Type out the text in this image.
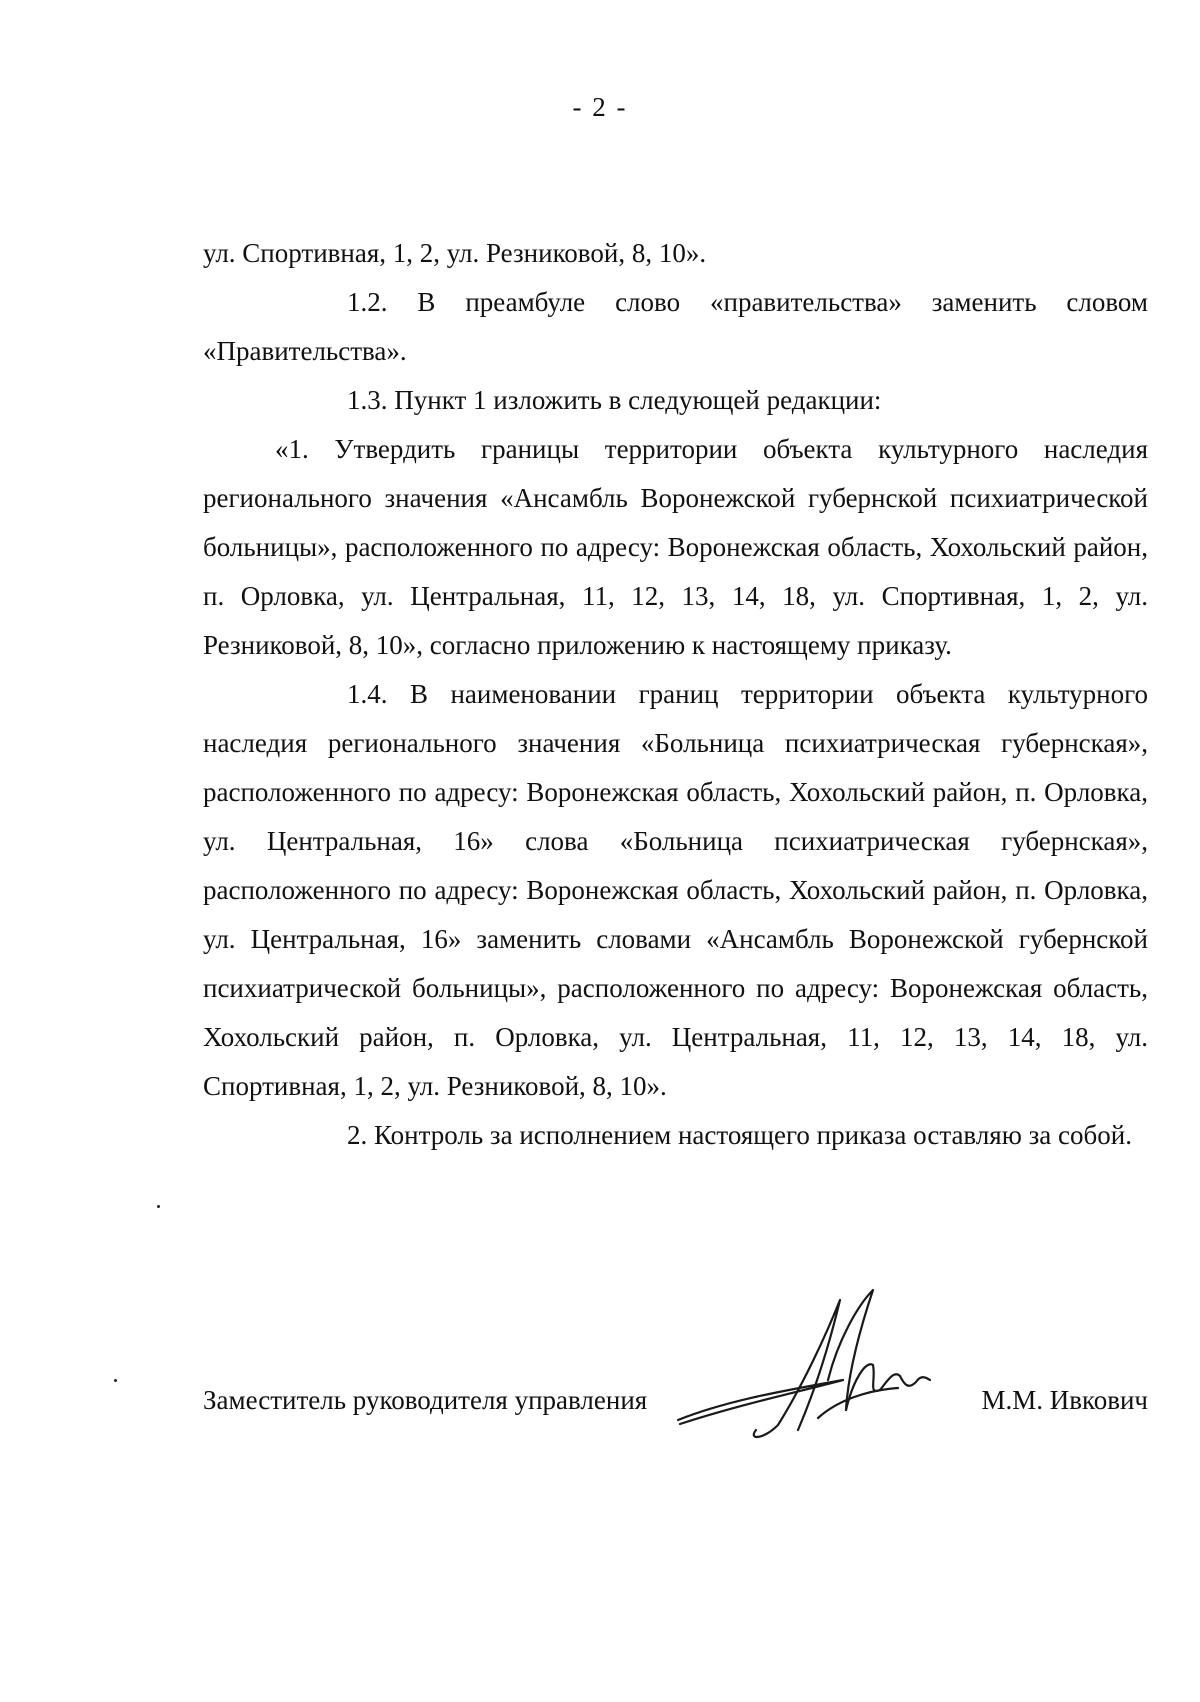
- 2 -

ул. Спортивная, 1, 2, ул. Резниковой, 8, 10».

1.2. В преамбуле слово «правительства» заменить словом «Правительства».

1.3. Пункт 1 изложить в следующей редакции:

«1. Утвердить границы территории объекта культурного наследия регионального значения «Ансамбль Воронежской губернской психиатрической больницы», расположенного по адресу: Воронежская область, Хохольский район, п. Орловка, ул. Центральная, 11, 12, 13, 14, 18, ул. Спортивная, 1, 2, ул. Резниковой, 8, 10», согласно приложению к настоящему приказу.

1.4. В наименовании границ территории объекта культурного наследия регионального значения «Больница психиатрическая губернская», расположенного по адресу: Воронежская область, Хохольский район, п. Орловка, ул. Центральная, 16» слова «Больница психиатрическая губернская», расположенного по адресу: Воронежская область, Хохольский район, п. Орловка, ул. Центральная, 16» заменить словами «Ансамбль Воронежской губернской психиатрической больницы», расположенного по адресу: Воронежская область, Хохольский район, п. Орловка, ул. Центральная, 11, 12, 13, 14, 18, ул. Спортивная, 1, 2, ул. Резниковой, 8, 10».

2. Контроль за исполнением настоящего приказа оставляю за собой.

Заместитель руководителя управления	М.М. Ивкович
